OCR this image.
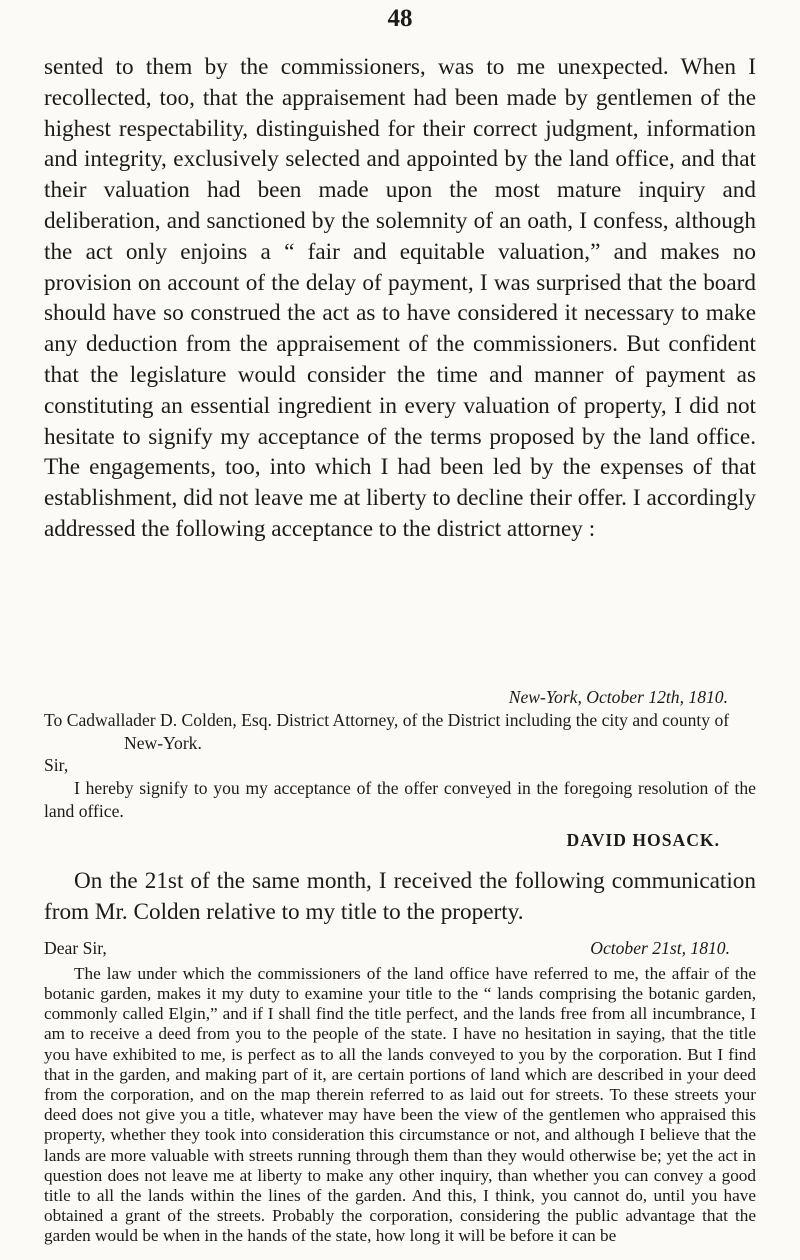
48

sented to them by the commissioners, was to me unexpected. When I recollected, too, that the appraisement had been made by gentlemen of the highest respectability, distinguished for their correct judgment, information and integrity, exclusively selected and appointed by the land office, and that their valuation had been made upon the most mature inquiry and deliberation, and sanctioned by the solemnity of an oath, I confess, although the act only enjoins a “ fair and equitable valuation,” and makes no provision on account of the delay of payment, I was surprised that the board should have so construed the act as to have considered it necessary to make any deduction from the appraisement of the commissioners. But confident that the legislature would consider the time and manner of payment as constituting an essential ingredient in every valuation of property, I did not hesitate to signify my acceptance of the terms proposed by the land office. The engagements, too, into which I had been led by the expenses of that establishment, did not leave me at liberty to decline their offer. I accordingly addressed the following acceptance to the district attorney :

New-York, October 12th, 1810.

To Cadwallader D. Colden, Esq. District Attorney, of the District including the city and county of New-York.

Sir,

I hereby signify to you my acceptance of the offer conveyed in the foregoing resolution of the land office.

DAVID HOSACK.

On the 21st of the same month, I received the following communication from Mr. Colden relative to my title to the property.

Dear Sir,	October 21st, 1810.

The law under which the commissioners of the land office have referred to me, the affair of the botanic garden, makes it my duty to examine your title to the “ lands comprising the botanic garden, commonly called Elgin,” and if I shall find the title perfect, and the lands free from all incumbrance, I am to receive a deed from you to the people of the state. I have no hesitation in saying, that the title you have exhibited to me, is perfect as to all the lands conveyed to you by the corporation. But I find that in the garden, and making part of it, are certain portions of land which are described in your deed from the corporation, and on the map therein referred to as laid out for streets. To these streets your deed does not give you a title, whatever may have been the view of the gentlemen who appraised this property, whether they took into consideration this circumstance or not, and although I believe that the lands are more valuable with streets running through them than they would otherwise be; yet the act in question does not leave me at liberty to make any other inquiry, than whether you can convey a good title to all the lands within the lines of the garden. And this, I think, you cannot do, until you have obtained a grant of the streets. Probably the corporation, considering the public advantage that the garden would be when in the hands of the state, how long it will be before it can be
